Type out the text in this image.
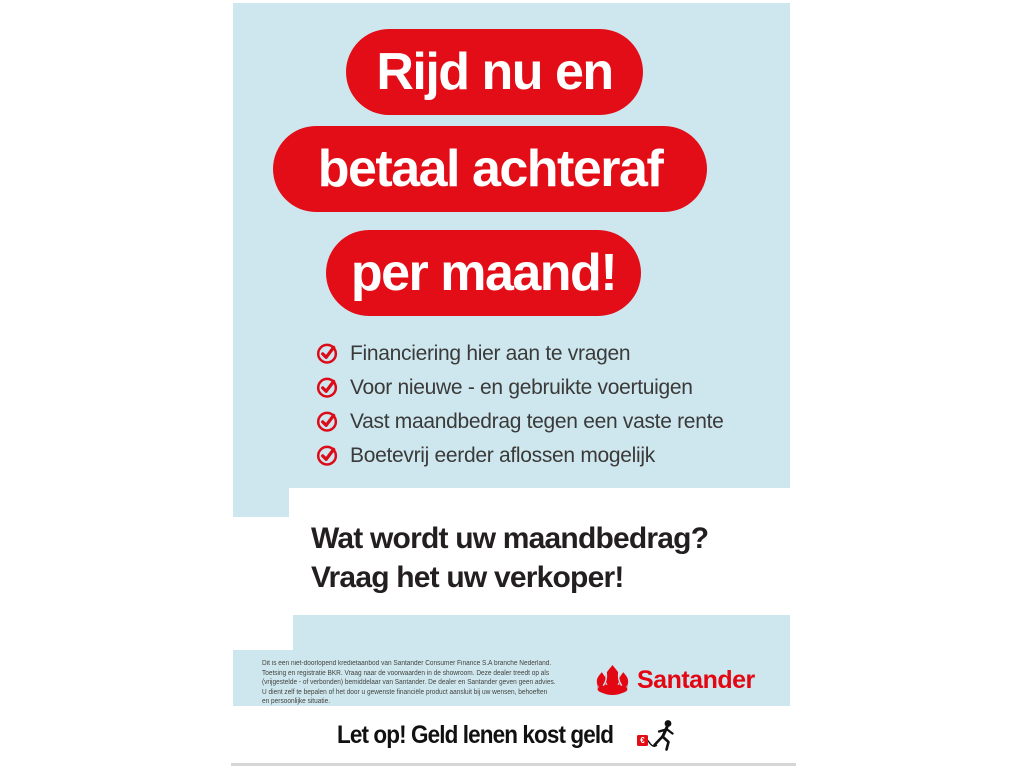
Rijd nu en
betaal achteraf
per maand!
Financiering hier aan te vragen
Voor nieuwe - en gebruikte voertuigen
Vast maandbedrag tegen een vaste rente
Boetevrij eerder aflossen mogelijk
Wat wordt uw maandbedrag?
Vraag het uw verkoper!
Dit is een niet-doorlopend kredietaanbod van Santander Consumer Finance S.A branche Nederland.
Toetsing en registratie BKR. Vraag naar de voorwaarden in de showroom. Deze dealer treedt op als
(vrijgestelde - of verbonden) bemiddelaar van Santander. De dealer en Santander geven geen advies.
U dient zelf te bepalen of het door u gewenste financiële product aansluit bij uw wensen, behoeften
en persoonlijke situatie.
Santander
Let op! Geld lenen kost geld	€
